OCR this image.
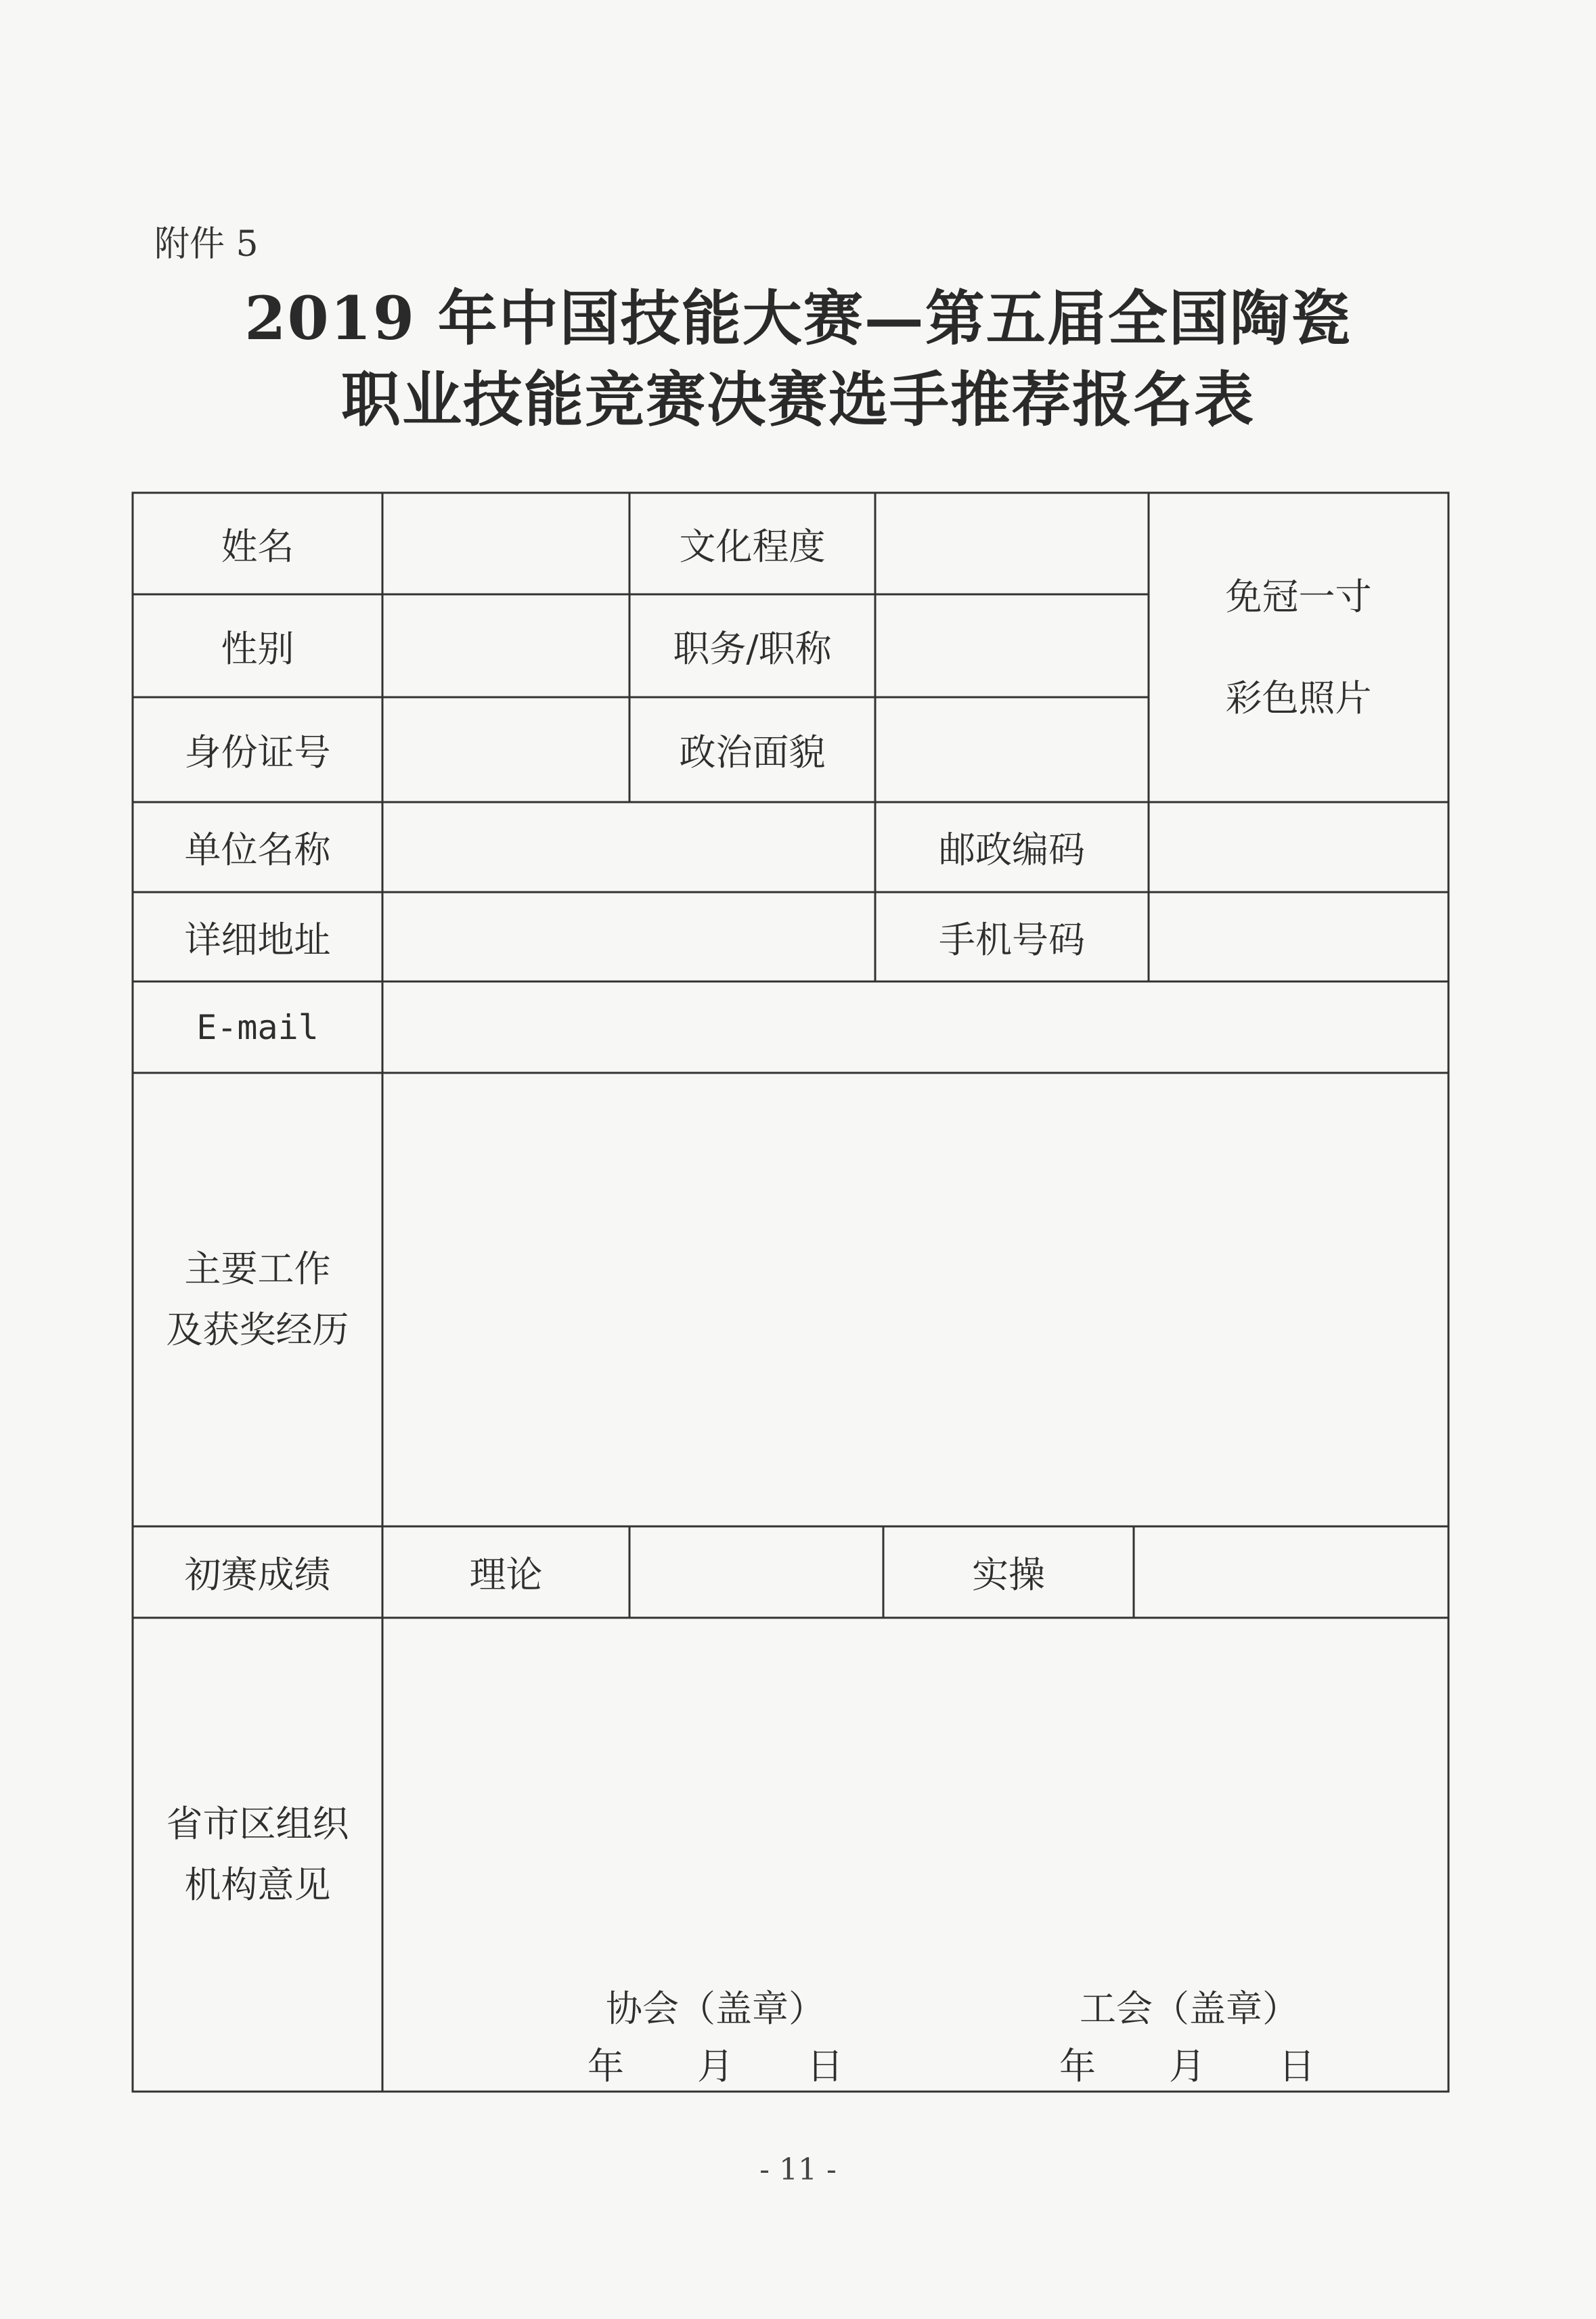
附件 5
2019 年中国技能大赛—第五届全国陶瓷
职业技能竞赛决赛选手推荐报名表
姓名	文化程度
性别	职务/职称
身份证号	政治面貌
免冠一寸
彩色照片
单位名称	邮政编码
详细地址	手机号码
E-mail
主要工作
及获奖经历
初赛成绩	理论	实操
省市区组织
机构意见
协会（盖章）	工会（盖章）
年　　月　　日	年　　月　　日
- 11 -
